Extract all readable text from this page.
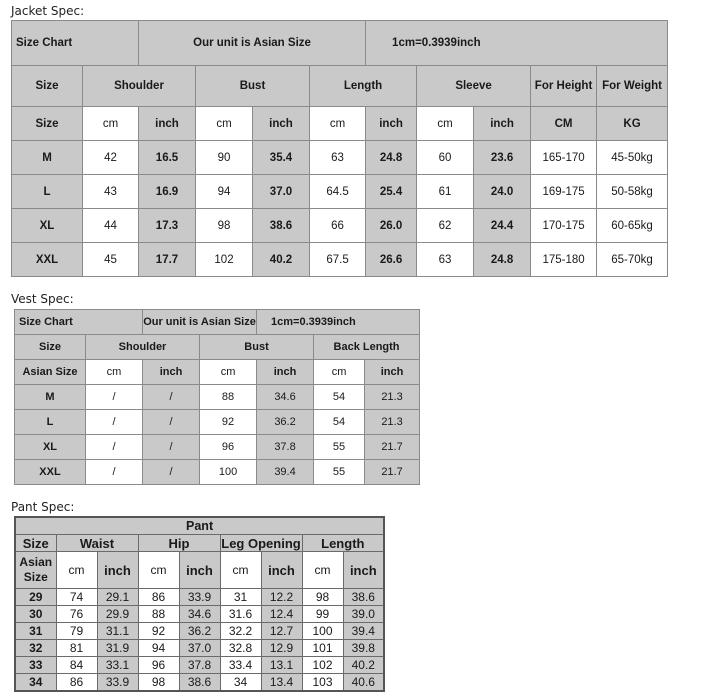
Jacket Spec:
Size Chart		Our unit is Asian Size				1cm=0.3939inch				
Size	Shoulder		Bust		Length		Sleeve		For Height	For Weight
Size	cm	inch	cm	inch	cm	inch	cm	inch	CM	KG
M	42	16.5	90	35.4	63	24.8	60	23.6	165-170	45-50kg
L	43	16.9	94	37.0	64.5	25.4	61	24.0	169-175	50-58kg
XL	44	17.3	98	38.6	66	26.0	62	24.4	170-175	60-65kg
XXL	45	17.7	102	40.2	67.5	26.6	63	24.8	175-180	65-70kg
Vest Spec:
Size Chart		Our unit is Asian Size		1cm=0.3939inch		
Size	Shoulder		Bust		Back Length	
Asian Size	cm	inch	cm	inch	cm	inch
M	/	/	88	34.6	54	21.3
L	/	/	92	36.2	54	21.3
XL	/	/	96	37.8	55	21.7
XXL	/	/	100	39.4	55	21.7
Pant Spec:
Pant								
Size	Waist		Hip		Leg Opening		Length	
Asian Size	cm	inch	cm	inch	cm	inch	cm	inch
29	74	29.1	86	33.9	31	12.2	98	38.6
30	76	29.9	88	34.6	31.6	12.4	99	39.0
31	79	31.1	92	36.2	32.2	12.7	100	39.4
32	81	31.9	94	37.0	32.8	12.9	101	39.8
33	84	33.1	96	37.8	33.4	13.1	102	40.2
34	86	33.9	98	38.6	34	13.4	103	40.6
